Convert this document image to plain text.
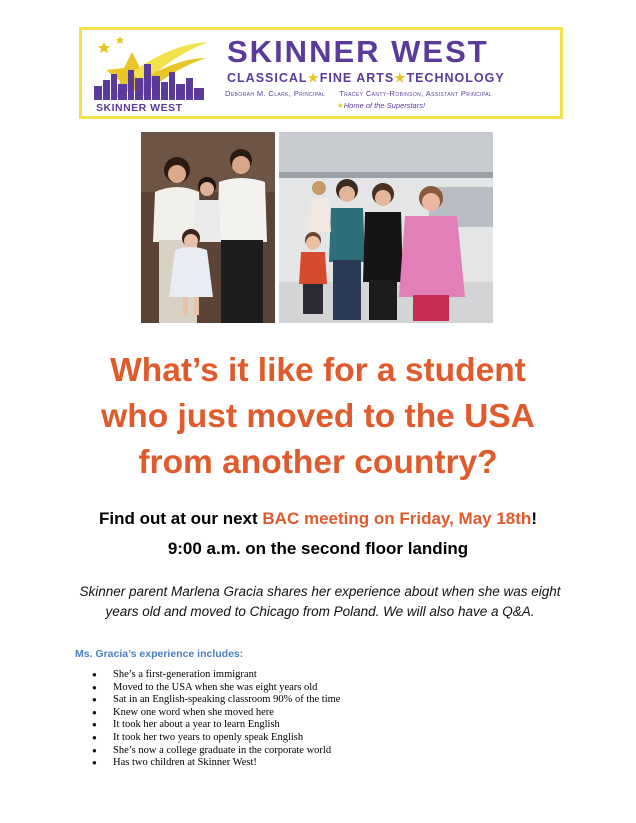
SKINNER WEST
SKINNER WEST
CLASSICAL★FINE ARTS★TECHNOLOGY
Deborah M. Clark, Principal Tracey Canty-Robinson, Assistant Principal
★Home of the Superstars!
What’s it like for a student
who just moved to the USA
from another country?
Find out at our next BAC meeting on Friday, May 18th!
9:00 a.m. on the second floor landing
Skinner parent Marlena Gracia shares her experience about when she was eight years old and moved to Chicago from Poland. We will also have a Q&A.
Ms. Gracia’s experience includes:
● She’s a first-generation immigrant
● Moved to the USA when she was eight years old
● Sat in an English-speaking classroom 90% of the time
● Knew one word when she moved here
● It took her about a year to learn English
● It took her two years to openly speak English
● She’s now a college graduate in the corporate world
● Has two children at Skinner West!
